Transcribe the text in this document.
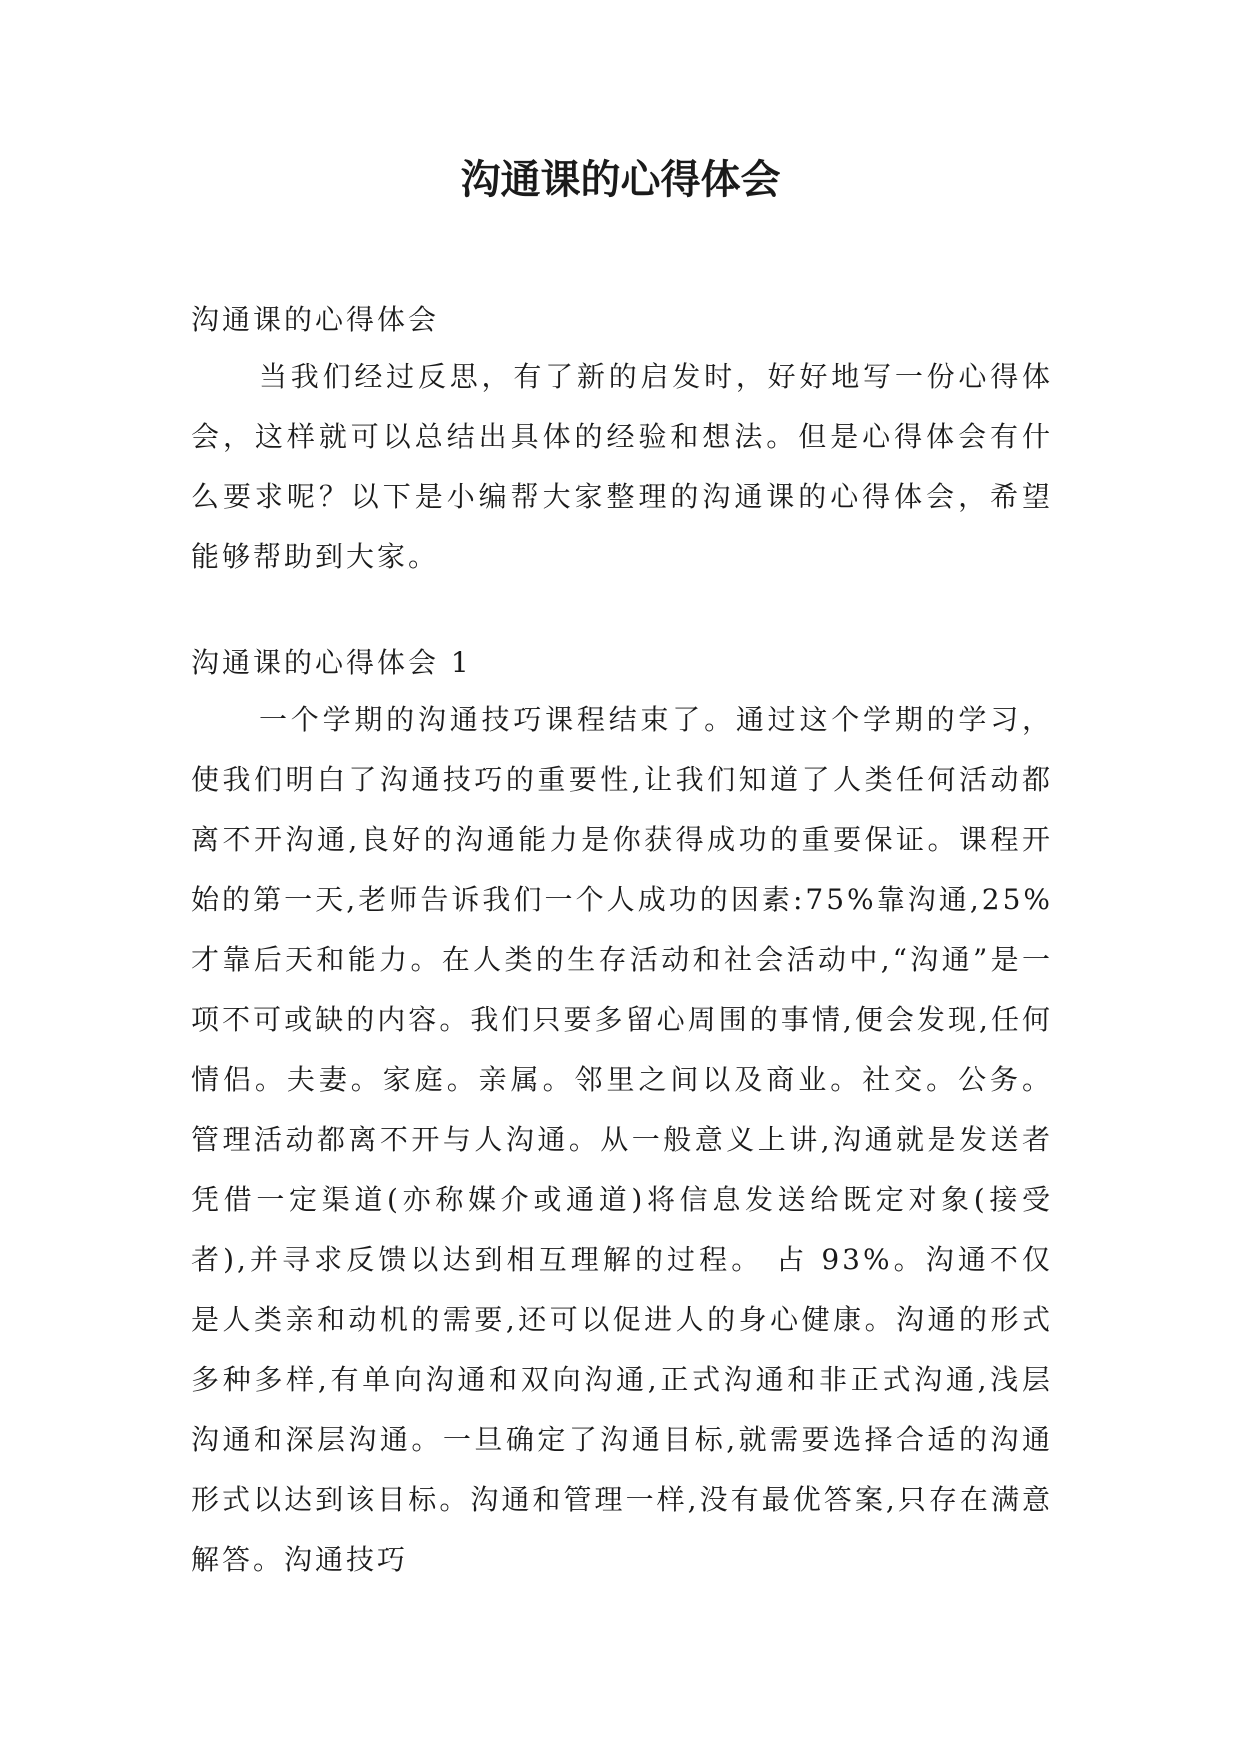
沟通课的心得体会

沟通课的心得体会

当我们经过反思，有了新的启发时，好好地写一份心得体会，这样就可以总结出具体的经验和想法。但是心得体会有什么要求呢？以下是小编帮大家整理的沟通课的心得体会，希望能够帮助到大家。

沟通课的心得体会 1

一个学期的沟通技巧课程结束了。通过这个学期的学习，使我们明白了沟通技巧的重要性,让我们知道了人类任何活动都离不开沟通,良好的沟通能力是你获得成功的重要保证。课程开始的第一天,老师告诉我们一个人成功的因素:75%靠沟通,25%才靠后天和能力。在人类的生存活动和社会活动中,“沟通”是一项不可或缺的内容。我们只要多留心周围的事情,便会发现,任何情侣。夫妻。家庭。亲属。邻里之间以及商业。社交。公务。管理活动都离不开与人沟通。从一般意义上讲,沟通就是发送者凭借一定渠道(亦称媒介或通道)将信息发送给既定对象(接受者),并寻求反馈以达到相互理解的过程。 占 93%。沟通不仅是人类亲和动机的需要,还可以促进人的身心健康。沟通的形式多种多样,有单向沟通和双向沟通,正式沟通和非正式沟通,浅层沟通和深层沟通。一旦确定了沟通目标,就需要选择合适的沟通形式以达到该目标。沟通和管理一样,没有最优答案,只存在满意解答。沟通技巧
